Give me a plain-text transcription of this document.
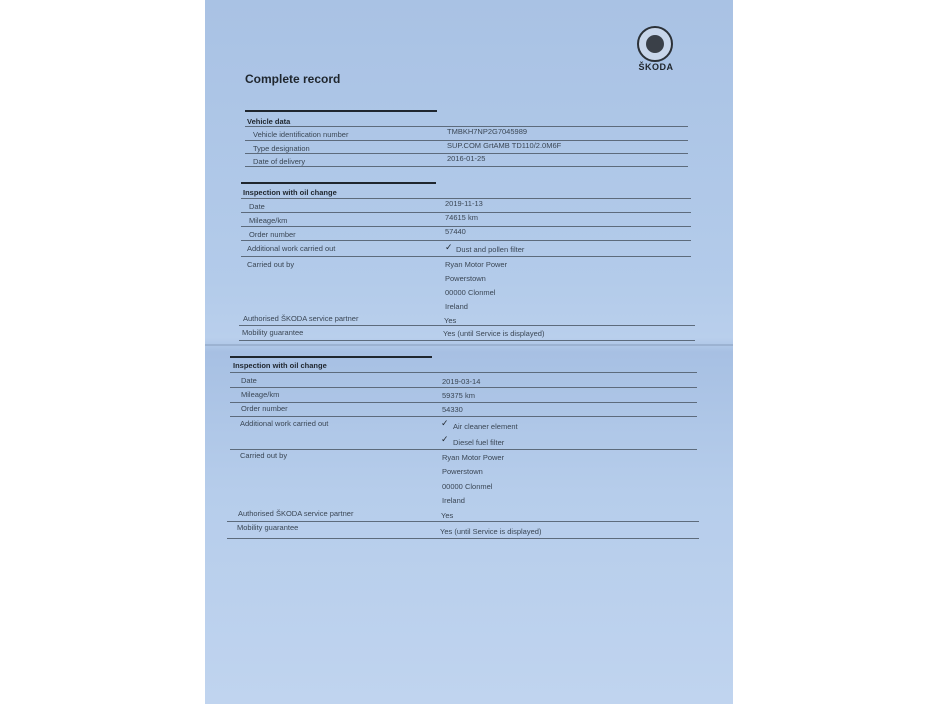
ŠKODA
Complete record
Vehicle data
Vehicle identification number	TMBKH7NP2G7045989
Type designation	SUP.COM GrtAMB TD110/2.0M6F
Date of delivery	2016-01-25
Inspection with oil change
Date	2019-11-13
Mileage/km	74615 km
Order number	57440
Additional work carried out	✓ Dust and pollen filter
Carried out by	Ryan Motor Power
Powerstown
00000 Clonmel
Ireland
Authorised ŠKODA service partner	Yes
Mobility guarantee	Yes (until Service is displayed)
Inspection with oil change
Date	2019-03-14
Mileage/km	59375 km
Order number	54330
Additional work carried out	✓ Air cleaner element
✓ Diesel fuel filter
Carried out by	Ryan Motor Power
Powerstown
00000 Clonmel
Ireland
Authorised ŠKODA service partner	Yes
Mobility guarantee	Yes (until Service is displayed)
